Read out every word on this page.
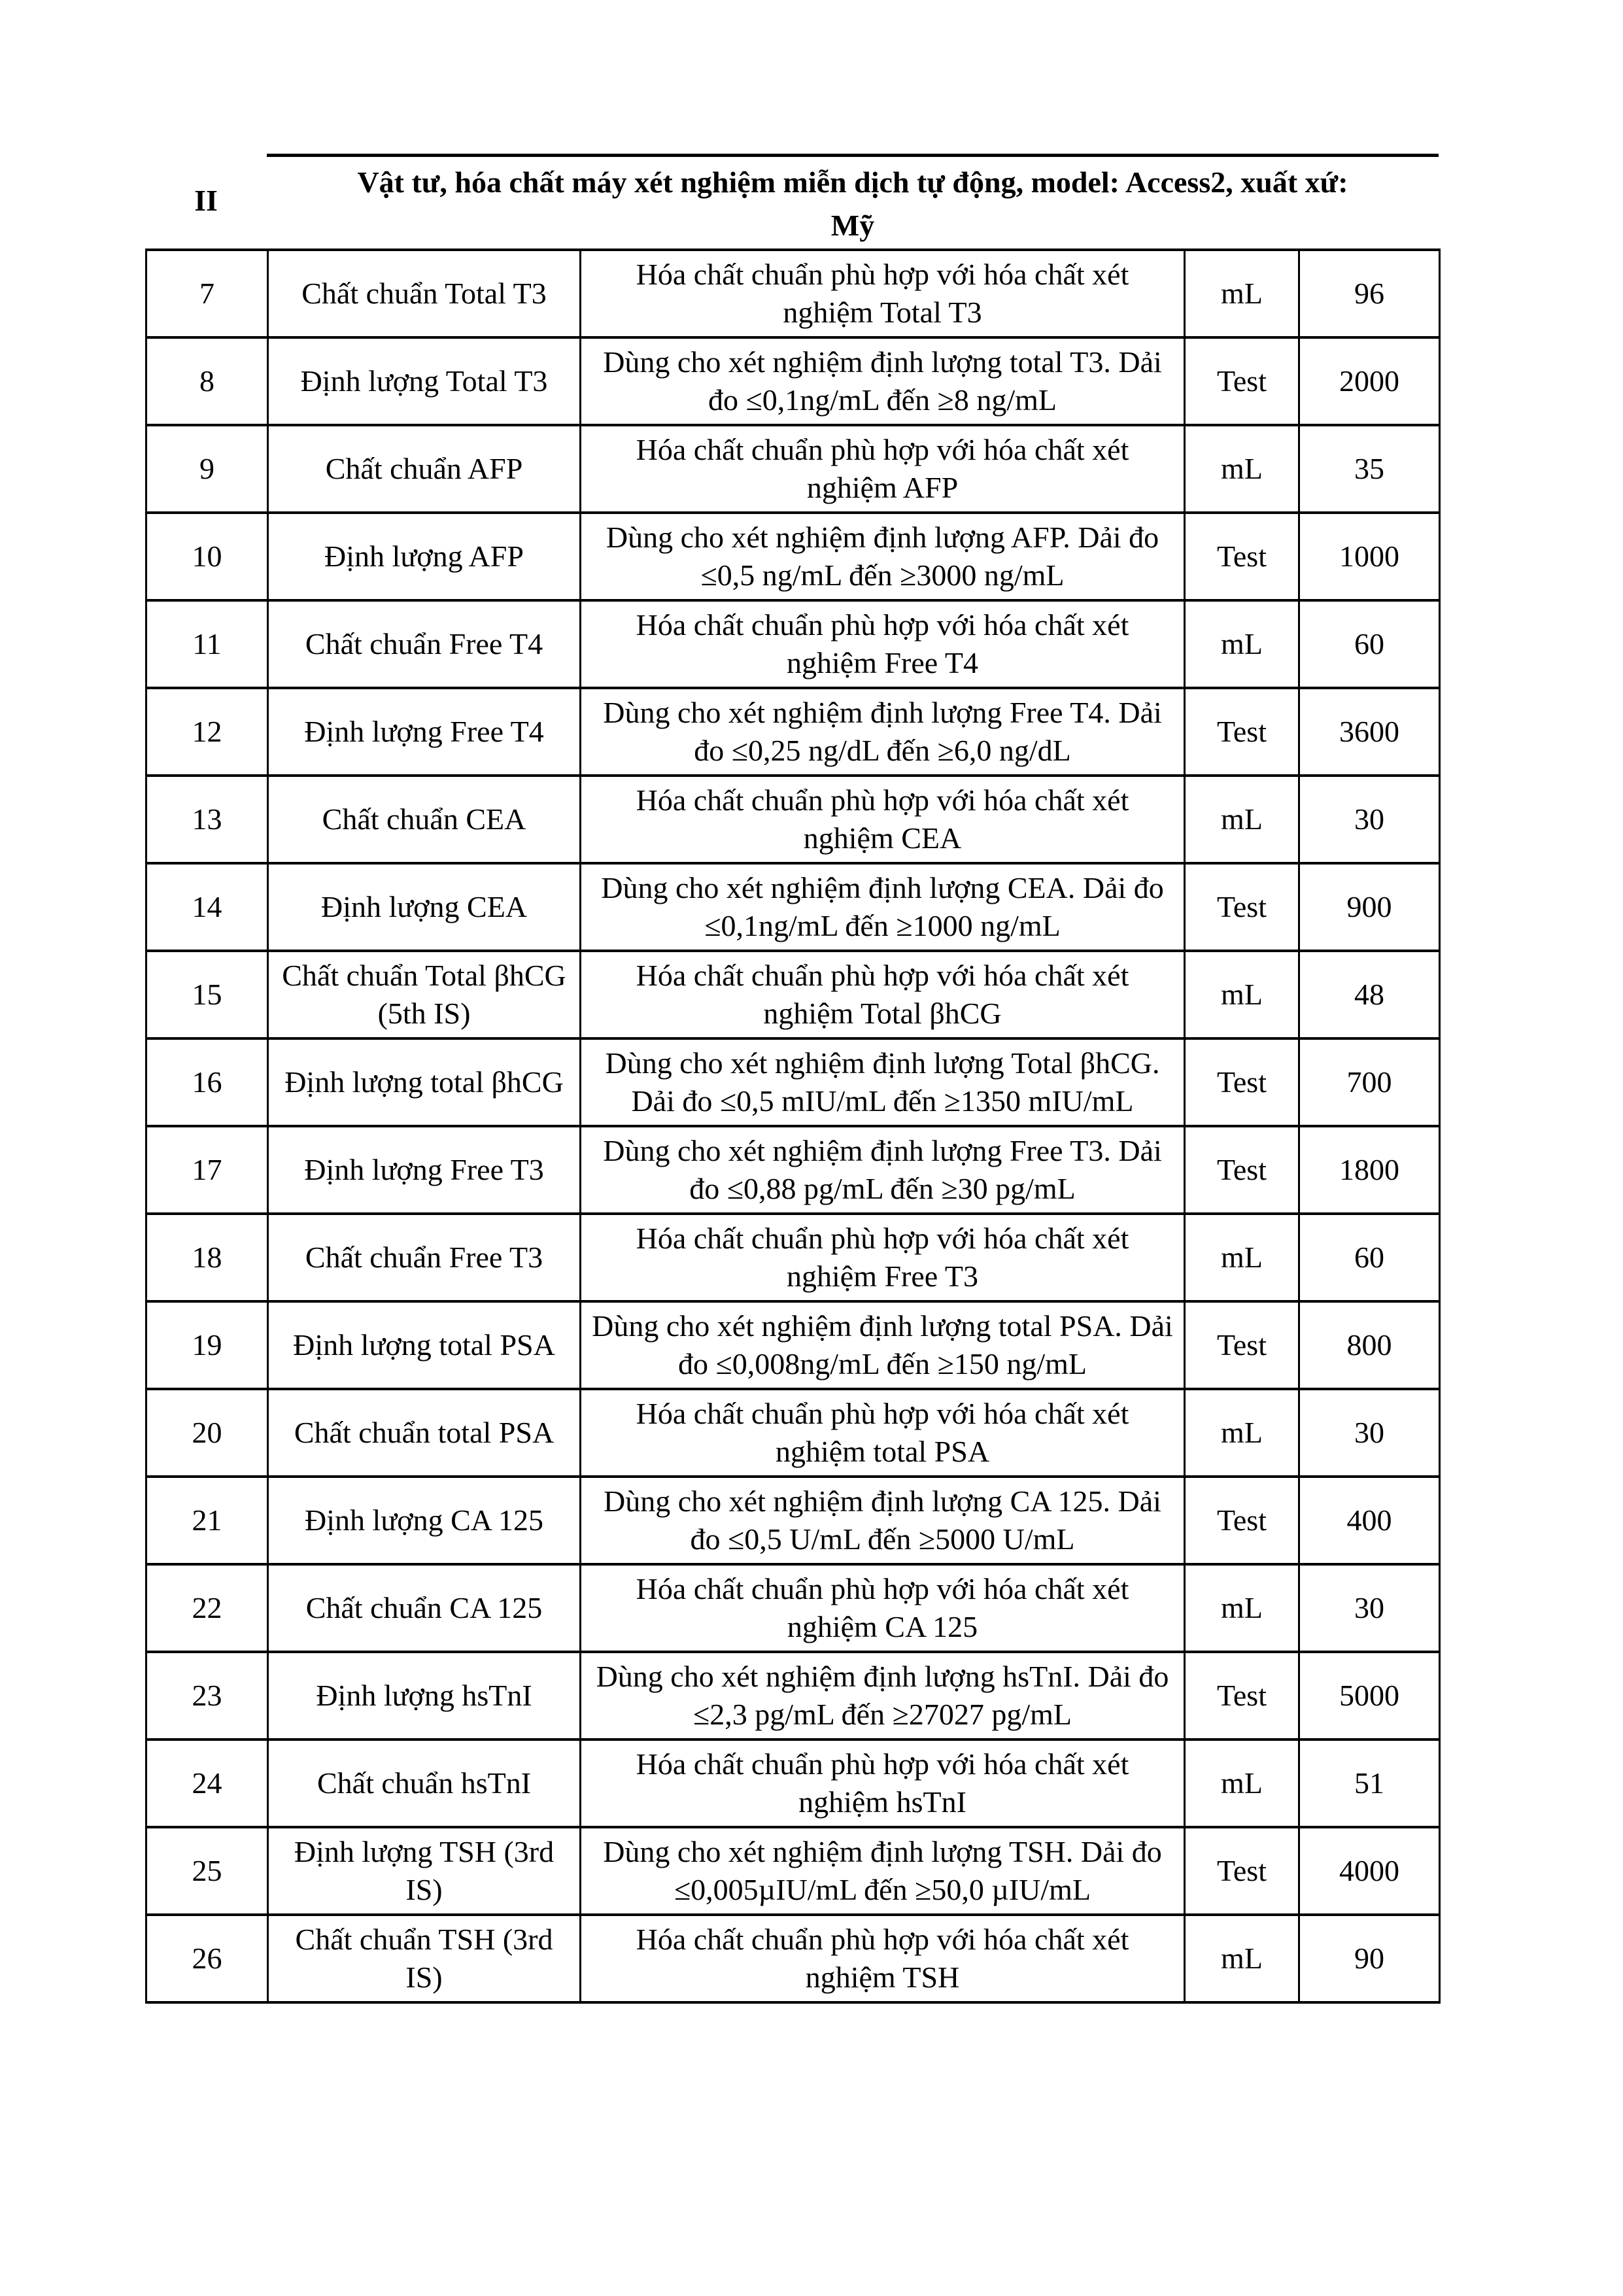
II
Vật tư, hóa chất máy xét nghiệm miễn dịch tự động, model: Access2, xuất xứ:
Mỹ
7	Chất chuẩn Total T3	Hóa chất chuẩn phù hợp với hóa chất xét nghiệm Total T3	mL	96
8	Định lượng Total T3	Dùng cho xét nghiệm định lượng total T3. Dải đo ≤0,1ng/mL đến ≥8 ng/mL	Test	2000
9	Chất chuẩn AFP	Hóa chất chuẩn phù hợp với hóa chất xét nghiệm AFP	mL	35
10	Định lượng AFP	Dùng cho xét nghiệm định lượng AFP. Dải đo ≤0,5 ng/mL đến ≥3000 ng/mL	Test	1000
11	Chất chuẩn Free T4	Hóa chất chuẩn phù hợp với hóa chất xét nghiệm Free T4	mL	60
12	Định lượng Free T4	Dùng cho xét nghiệm định lượng Free T4. Dải đo ≤0,25 ng/dL đến ≥6,0 ng/dL	Test	3600
13	Chất chuẩn CEA	Hóa chất chuẩn phù hợp với hóa chất xét nghiệm CEA	mL	30
14	Định lượng CEA	Dùng cho xét nghiệm định lượng CEA. Dải đo ≤0,1ng/mL đến ≥1000 ng/mL	Test	900
15	Chất chuẩn Total βhCG (5th IS)	Hóa chất chuẩn phù hợp với hóa chất xét nghiệm Total βhCG	mL	48
16	Định lượng total βhCG	Dùng cho xét nghiệm định lượng Total βhCG. Dải đo ≤0,5 mIU/mL đến ≥1350 mIU/mL	Test	700
17	Định lượng Free T3	Dùng cho xét nghiệm định lượng Free T3. Dải đo ≤0,88 pg/mL đến ≥30 pg/mL	Test	1800
18	Chất chuẩn Free T3	Hóa chất chuẩn phù hợp với hóa chất xét nghiệm Free T3	mL	60
19	Định lượng total PSA	Dùng cho xét nghiệm định lượng total PSA. Dải đo ≤0,008ng/mL đến ≥150 ng/mL	Test	800
20	Chất chuẩn total PSA	Hóa chất chuẩn phù hợp với hóa chất xét nghiệm total PSA	mL	30
21	Định lượng CA 125	Dùng cho xét nghiệm định lượng CA 125. Dải đo ≤0,5 U/mL đến ≥5000 U/mL	Test	400
22	Chất chuẩn CA 125	Hóa chất chuẩn phù hợp với hóa chất xét nghiệm CA 125	mL	30
23	Định lượng hsTnI	Dùng cho xét nghiệm định lượng hsTnI. Dải đo ≤2,3 pg/mL đến ≥27027 pg/mL	Test	5000
24	Chất chuẩn hsTnI	Hóa chất chuẩn phù hợp với hóa chất xét nghiệm hsTnI	mL	51
25	Định lượng TSH (3rd IS)	Dùng cho xét nghiệm định lượng TSH. Dải đo ≤0,005µIU/mL đến ≥50,0 µIU/mL	Test	4000
26	Chất chuẩn TSH (3rd IS)	Hóa chất chuẩn phù hợp với hóa chất xét nghiệm TSH	mL	90
